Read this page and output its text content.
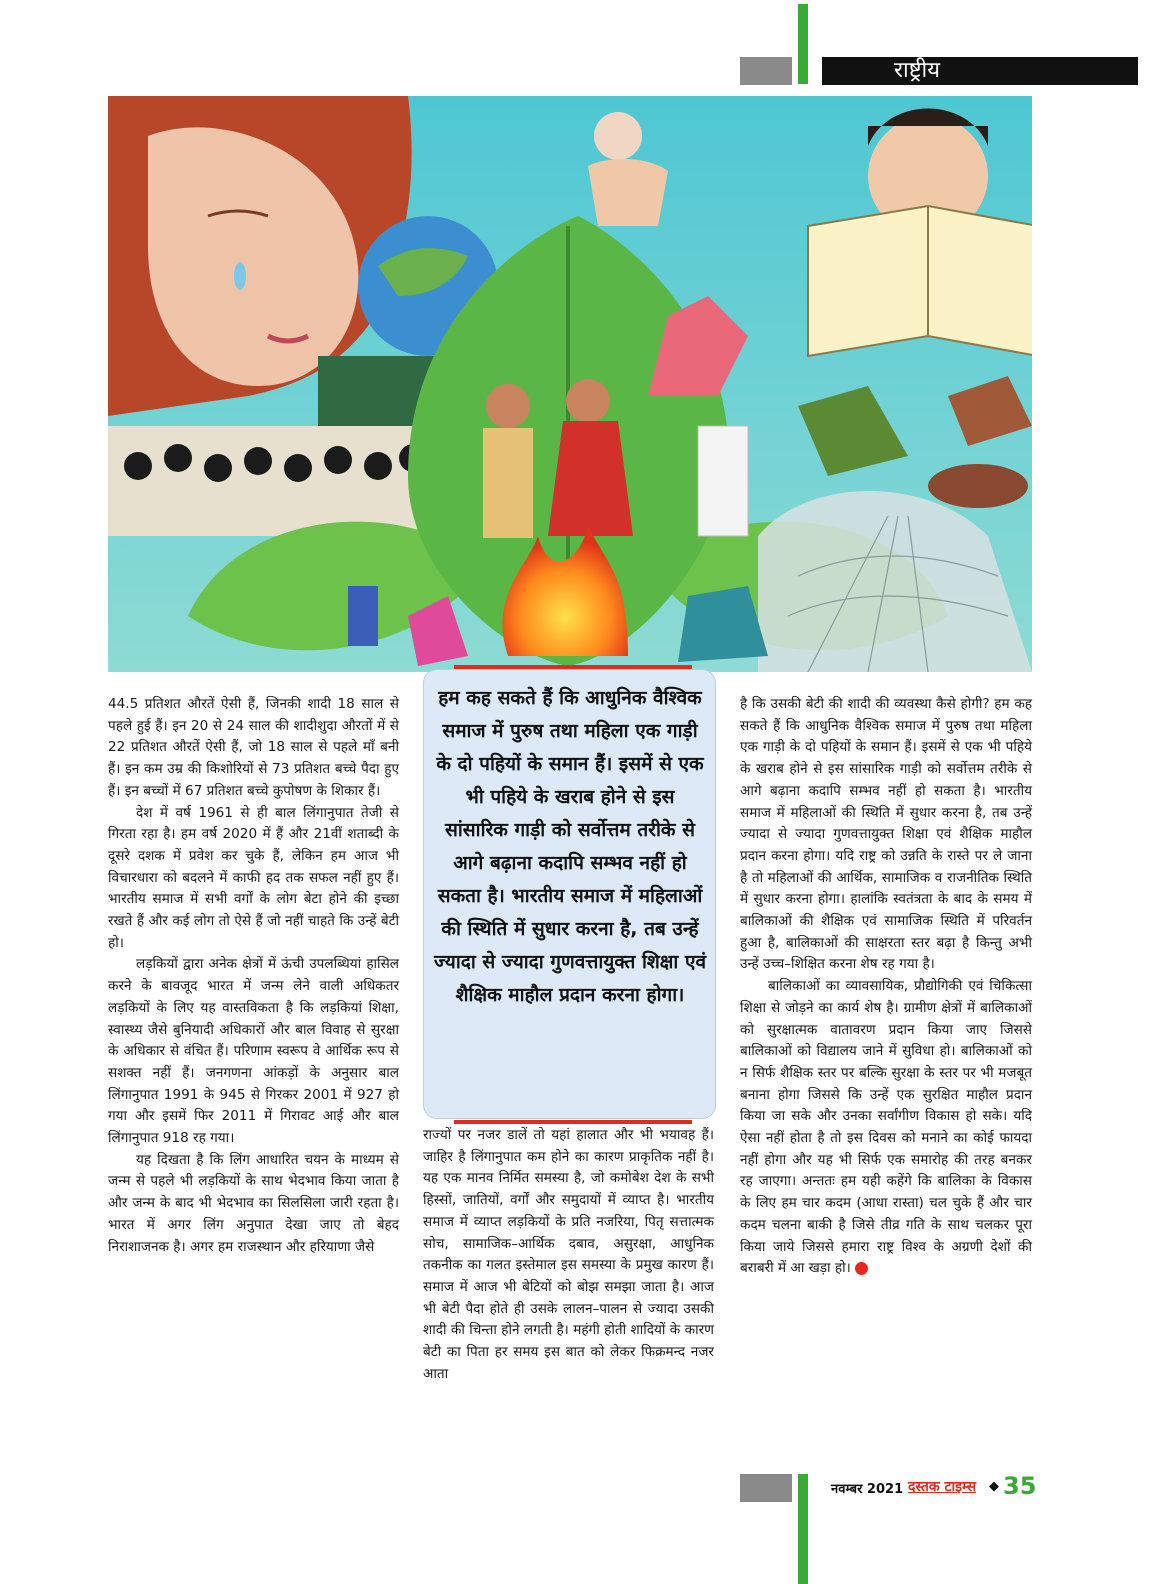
राष्ट्रीय

44.5 प्रतिशत औरतें ऐसी हैं, जिनकी शादी 18 साल से पहले हुई हैं। इन 20 से 24 साल की शादीशुदा औरतों में से 22 प्रतिशत औरतें ऐसी हैं, जो 18 साल से पहले माँ बनी हैं। इन कम उम्र की किशोरियों से 73 प्रतिशत बच्चे पैदा हुए हैं। इन बच्चों में 67 प्रतिशत बच्चे कुपोषण के शिकार हैं।

देश में वर्ष 1961 से ही बाल लिंगानुपात तेजी से गिरता रहा है। हम वर्ष 2020 में हैं और 21वीं शताब्दी के दूसरे दशक में प्रवेश कर चुके हैं, लेकिन हम आज भी विचारधारा को बदलने में काफी हद तक सफल नहीं हुए हैं। भारतीय समाज में सभी वर्गों के लोग बेटा होने की इच्छा रखते हैं और कई लोग तो ऐसे हैं जो नहीं चाहते कि उन्हें बेटी हो।

लड़कियों द्वारा अनेक क्षेत्रों में ऊंची उपलब्धियां हासिल करने के बावजूद भारत में जन्म लेने वाली अधिकतर लड़कियों के लिए यह वास्तविकता है कि लड़कियां शिक्षा, स्वास्थ्य जैसे बुनियादी अधिकारों और बाल विवाह से सुरक्षा के अधिकार से वंचित हैं। परिणाम स्वरूप वे आर्थिक रूप से सशक्त नहीं हैं। जनगणना आंकड़ों के अनुसार बाल लिंगानुपात 1991 के 945 से गिरकर 2001 में 927 हो गया और इसमें फिर 2011 में गिरावट आई और बाल लिंगानुपात 918 रह गया।

यह दिखता है कि लिंग आधारित चयन के माध्यम से जन्म से पहले भी लड़कियों के साथ भेदभाव किया जाता है और जन्म के बाद भी भेदभाव का सिलसिला जारी रहता है। भारत में अगर लिंग अनुपात देखा जाए तो बेहद निराशाजनक है। अगर हम राजस्थान और हरियाणा जैसे

हम कह सकते हैं कि आधुनिक वैश्विक समाज में पुरुष तथा महिला एक गाड़ी के दो पहियों के समान हैं। इसमें से एक भी पहिये के खराब होने से इस सांसारिक गाड़ी को सर्वोत्तम तरीके से आगे बढ़ाना कदापि सम्भव नहीं हो सकता है। भारतीय समाज में महिलाओं की स्थिति में सुधार करना है, तब उन्हें ज्यादा से ज्यादा गुणवत्तायुक्त शिक्षा एवं शैक्षिक माहौल प्रदान करना होगा।

राज्यों पर नजर डालें तो यहां हालात और भी भयावह हैं। जाहिर है लिंगानुपात कम होने का कारण प्राकृतिक नहीं है। यह एक मानव निर्मित समस्या है, जो कमोबेश देश के सभी हिस्सों, जातियों, वर्गों और समुदायों में व्याप्त है। भारतीय समाज में व्याप्त लड़कियों के प्रति नजरिया, पितृ सत्तात्मक सोच, सामाजिक–आर्थिक दबाव, असुरक्षा, आधुनिक तकनीक का गलत इस्तेमाल इस समस्या के प्रमुख कारण हैं। समाज में आज भी बेटियों को बोझ समझा जाता है। आज भी बेटी पैदा होते ही उसके लालन–पालन से ज्यादा उसकी शादी की चिन्ता होने लगती है। महंगी होती शादियों के कारण बेटी का पिता हर समय इस बात को लेकर फिक्रमन्द नजर आता

है कि उसकी बेटी की शादी की व्यवस्था कैसे होगी? हम कह सकते हैं कि आधुनिक वैश्विक समाज में पुरुष तथा महिला एक गाड़ी के दो पहियों के समान हैं। इसमें से एक भी पहिये के खराब होने से इस सांसारिक गाड़ी को सर्वोत्तम तरीके से आगे बढ़ाना कदापि सम्भव नहीं हो सकता है। भारतीय समाज में महिलाओं की स्थिति में सुधार करना है, तब उन्हें ज्यादा से ज्यादा गुणवत्तायुक्त शिक्षा एवं शैक्षिक माहौल प्रदान करना होगा। यदि राष्ट्र को उन्नति के रास्ते पर ले जाना है तो महिलाओं की आर्थिक, सामाजिक व राजनीतिक स्थिति में सुधार करना होगा। हालांकि स्वतंत्रता के बाद के समय में बालिकाओं की शैक्षिक एवं सामाजिक स्थिति में परिवर्तन हुआ है, बालिकाओं की साक्षरता स्तर बढ़ा है किन्तु अभी उन्हें उच्च–शिक्षित करना शेष रह गया है।

बालिकाओं का व्यावसायिक, प्रौद्योगिकी एवं चिकित्सा शिक्षा से जोड़ने का कार्य शेष है। ग्रामीण क्षेत्रों में बालिकाओं को सुरक्षात्मक वातावरण प्रदान किया जाए जिससे बालिकाओं को विद्यालय जाने में सुविधा हो। बालिकाओं को न सिर्फ शैक्षिक स्तर पर बल्कि सुरक्षा के स्तर पर भी मजबूत बनाना होगा जिससे कि उन्हें एक सुरक्षित माहौल प्रदान किया जा सके और उनका सर्वांगीण विकास हो सके। यदि ऐसा नहीं होता है तो इस दिवस को मनाने का कोई फायदा नहीं होगा और यह भी सिर्फ एक समारोह की तरह बनकर रह जाएगा। अन्ततः हम यही कहेंगे कि बालिका के विकास के लिए हम चार कदम (आधा रास्ता) चल चुके हैं और चार कदम चलना बाकी है जिसे तीव्र गति के साथ चलकर पूरा किया जाये जिससे हमारा राष्ट्र विश्व के अग्रणी देशों की बराबरी में आ खड़ा हो।

नवम्बर 2021 दस्तक टाइम्स ◆ 35
